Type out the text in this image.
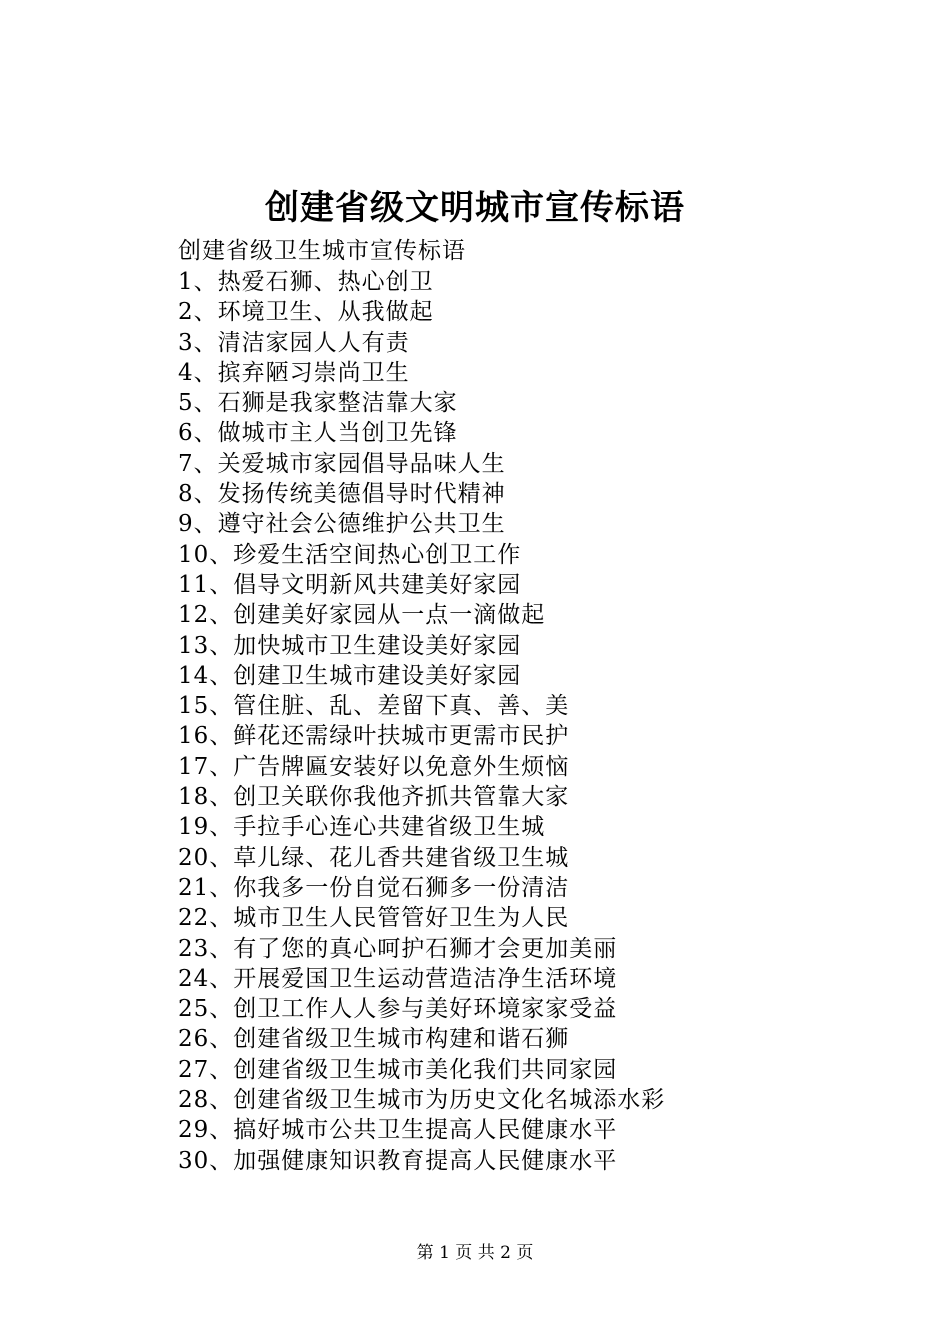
创建省级文明城市宣传标语
创建省级卫生城市宣传标语
1、热爱石狮、热心创卫
2、环境卫生、从我做起
3、清洁家园人人有责
4、摈弃陋习崇尚卫生
5、石狮是我家整洁靠大家
6、做城市主人当创卫先锋
7、关爱城市家园倡导品味人生
8、发扬传统美德倡导时代精神
9、遵守社会公德维护公共卫生
10、珍爱生活空间热心创卫工作
11、倡导文明新风共建美好家园
12、创建美好家园从一点一滴做起
13、加快城市卫生建设美好家园
14、创建卫生城市建设美好家园
15、管住脏、乱、差留下真、善、美
16、鲜花还需绿叶扶城市更需市民护
17、广告牌匾安装好以免意外生烦恼
18、创卫关联你我他齐抓共管靠大家
19、手拉手心连心共建省级卫生城
20、草儿绿、花儿香共建省级卫生城
21、你我多一份自觉石狮多一份清洁
22、城市卫生人民管管好卫生为人民
23、有了您的真心呵护石狮才会更加美丽
24、开展爱国卫生运动营造洁净生活环境
25、创卫工作人人参与美好环境家家受益
26、创建省级卫生城市构建和谐石狮
27、创建省级卫生城市美化我们共同家园
28、创建省级卫生城市为历史文化名城添水彩
29、搞好城市公共卫生提高人民健康水平
30、加强健康知识教育提高人民健康水平
第 1 页 共 2 页
